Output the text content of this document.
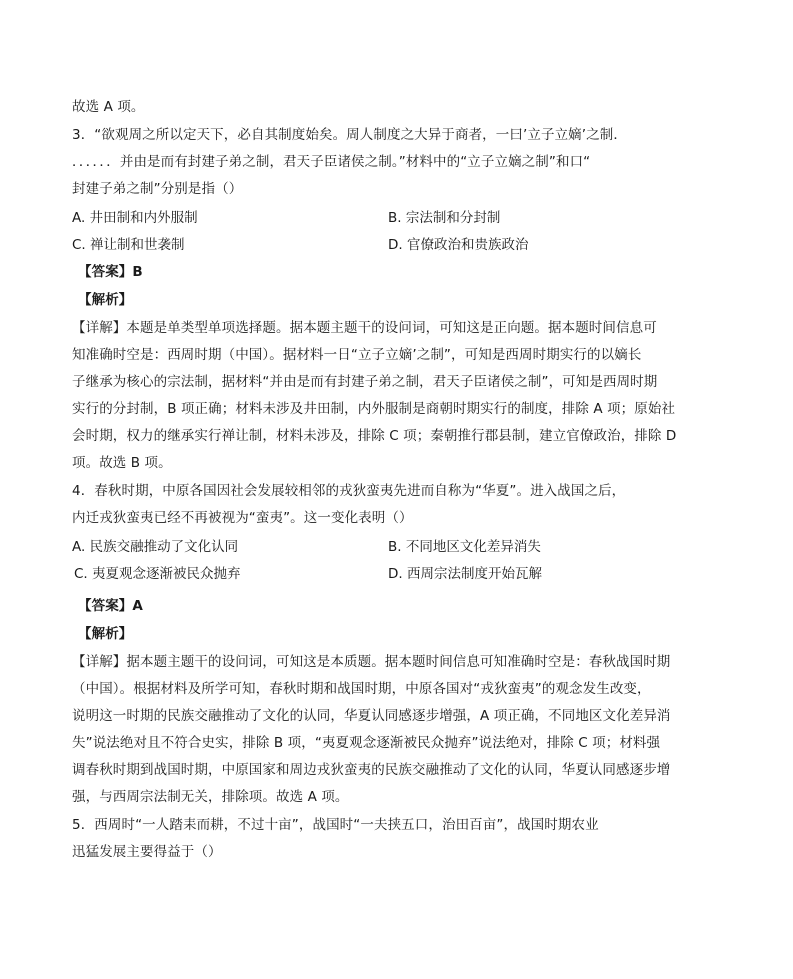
故选 A 项。
3．“欲观周之所以定天下，必自其制度始矣。周人制度之大异于商者，一曰’立子立嫡’之制．
．．．．．．并由是而有封建子弟之制，君天子臣诸侯之制。”材料中的“立子立嫡之制”和口“
封建子弟之制”分别是指（）
A. 井田制和内外服制	B. 宗法制和分封制
C. 禅让制和世袭制	D. 官僚政治和贵族政治
【答案】B
【解析】
【详解】本题是单类型单项选择题。据本题主题干的设问词，可知这是正向题。据本题时间信息可
知准确时空是：西周时期（中国）。据材料一日“立子立嫡’之制”，可知是西周时期实行的以嫡长
子继承为核心的宗法制，据材料“并由是而有封建子弟之制，君天子臣诸侯之制”，可知是西周时期
实行的分封制，B 项正确；材料未涉及井田制，内外服制是商朝时期实行的制度，排除 A 项；原始社
会时期，权力的继承实行禅让制，材料未涉及，排除 C 项；秦朝推行郡县制，建立官僚政治，排除 D
项。故选 B 项。
4．春秋时期，中原各国因社会发展较相邻的戎狄蛮夷先进而自称为“华夏”。进入战国之后，
内迁戎狄蛮夷已经不再被视为“蛮夷”。这一变化表明（）
A. 民族交融推动了文化认同	B. 不同地区文化差异消失
C. 夷夏观念逐渐被民众抛弃	D. 西周宗法制度开始瓦解
【答案】A
【解析】
【详解】据本题主题干的设问词，可知这是本质题。据本题时间信息可知准确时空是：春秋战国时期
（中国）。根据材料及所学可知，春秋时期和战国时期，中原各国对“戎狄蛮夷”的观念发生改变，
说明这一时期的民族交融推动了文化的认同，华夏认同感逐步增强，A 项正确，不同地区文化差异消
失”说法绝对且不符合史实，排除 B 项，“夷夏观念逐渐被民众抛弃”说法绝对，排除 C 项；材料强
调春秋时期到战国时期，中原国家和周边戎狄蛮夷的民族交融推动了文化的认同，华夏认同感逐步增
强，与西周宗法制无关，排除项。故选 A 项。
5．西周时“一人踏耒而耕，不过十亩”，战国时“一夫挟五口，治田百亩”，战国时期农业
迅猛发展主要得益于（）
